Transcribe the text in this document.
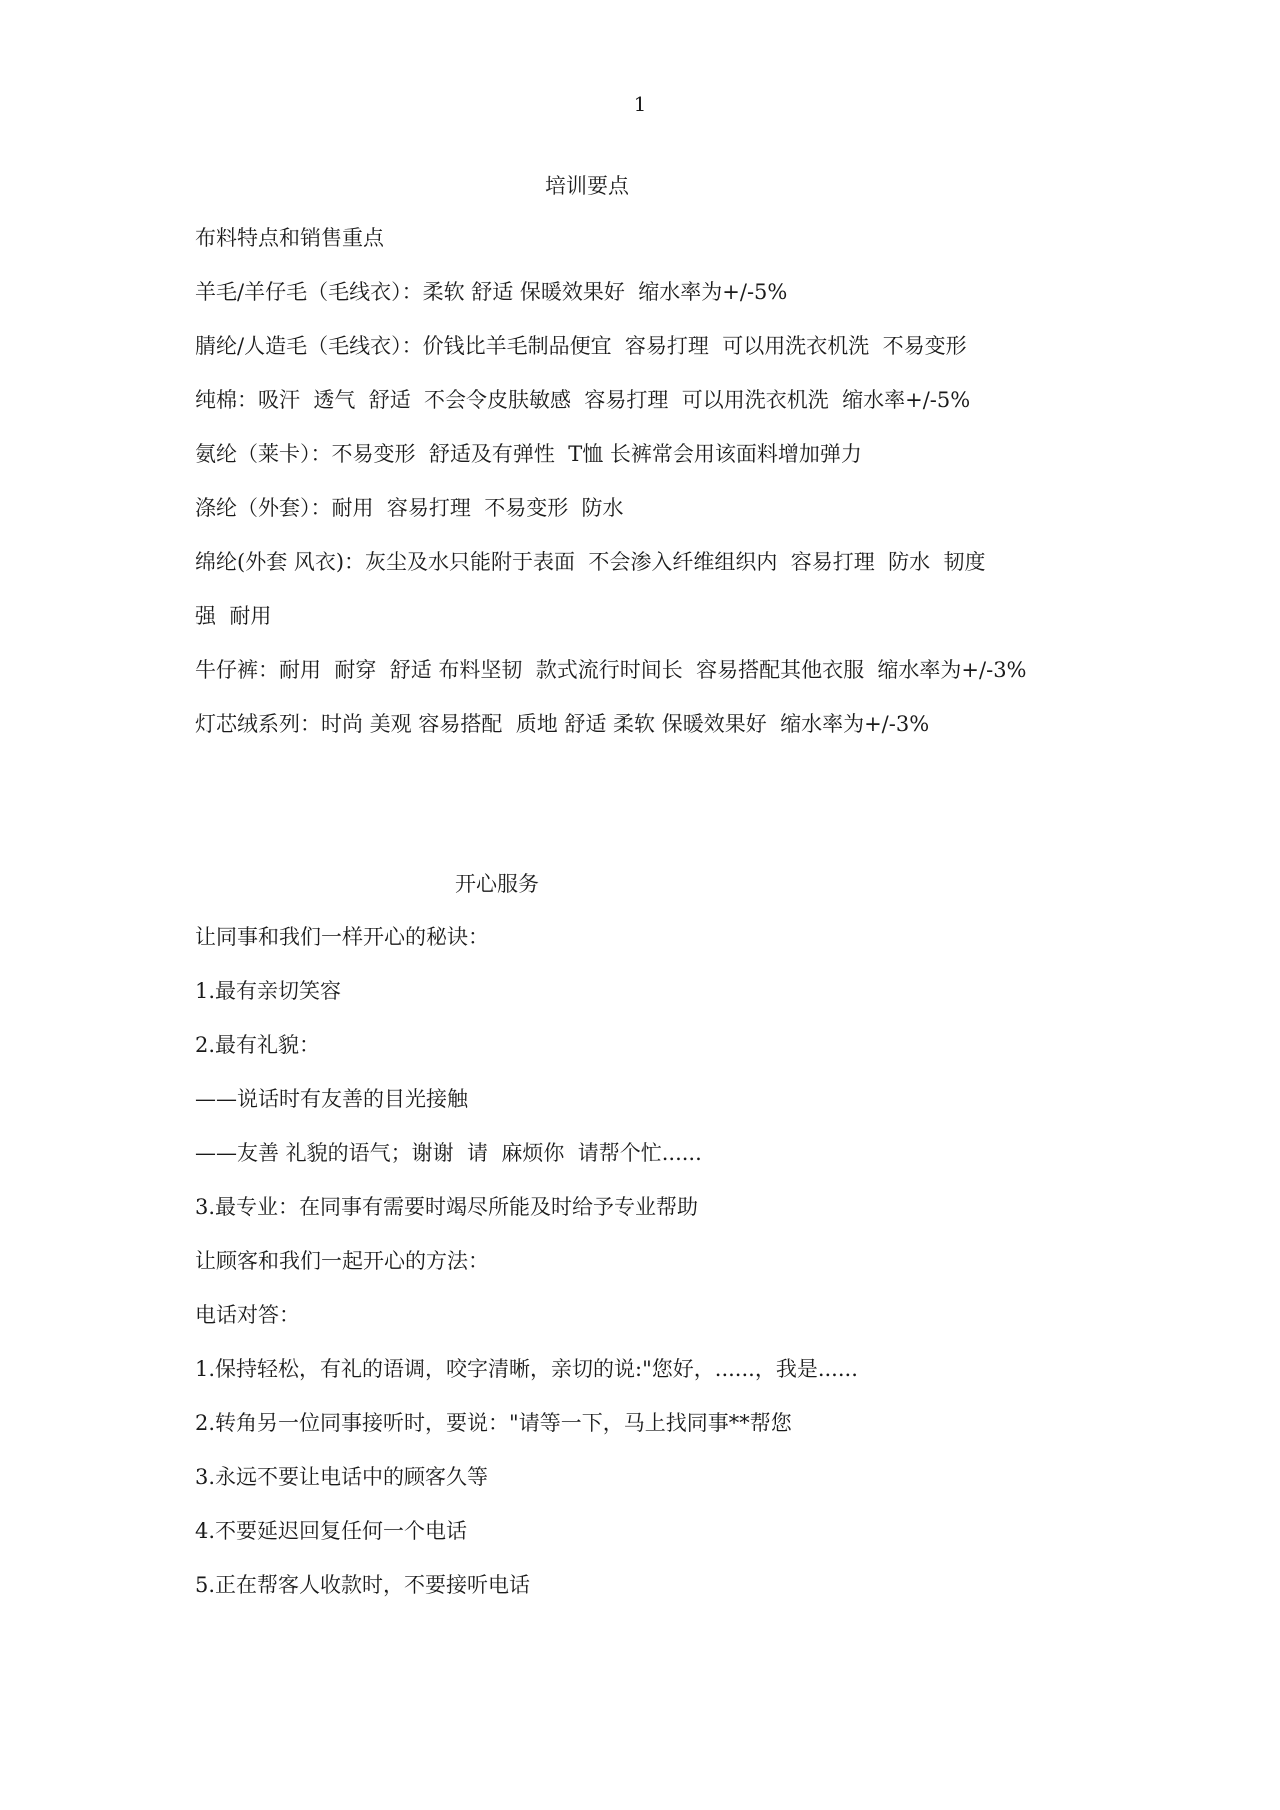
1
培训要点
布料特点和销售重点
羊毛/羊仔毛（毛线衣）：柔软 舒适 保暖效果好  缩水率为+/-5%
腈纶/人造毛（毛线衣）：价钱比羊毛制品便宜  容易打理  可以用洗衣机洗  不易变形
纯棉：吸汗  透气  舒适  不会令皮肤敏感  容易打理  可以用洗衣机洗  缩水率+/-5%
氨纶（莱卡）：不易变形  舒适及有弹性  T恤 长裤常会用该面料增加弹力
涤纶（外套）：耐用  容易打理  不易变形  防水
绵纶(外套 风衣)：灰尘及水只能附于表面  不会渗入纤维组织内  容易打理  防水  韧度
强  耐用
牛仔裤：耐用  耐穿  舒适 布料坚韧  款式流行时间长  容易搭配其他衣服  缩水率为+/-3%
灯芯绒系列：时尚 美观 容易搭配  质地 舒适 柔软 保暖效果好  缩水率为+/-3%
开心服务
让同事和我们一样开心的秘诀：
1.最有亲切笑容
2.最有礼貌：
——说话时有友善的目光接触
——友善 礼貌的语气；谢谢  请  麻烦你  请帮个忙......
3.最专业：在同事有需要时竭尽所能及时给予专业帮助
让顾客和我们一起开心的方法：
电话对答：
1.保持轻松，有礼的语调，咬字清晰，亲切的说:"您好，......，我是......
2.转角另一位同事接听时，要说："请等一下，马上找同事**帮您
3.永远不要让电话中的顾客久等
4.不要延迟回复任何一个电话
5.正在帮客人收款时，不要接听电话
